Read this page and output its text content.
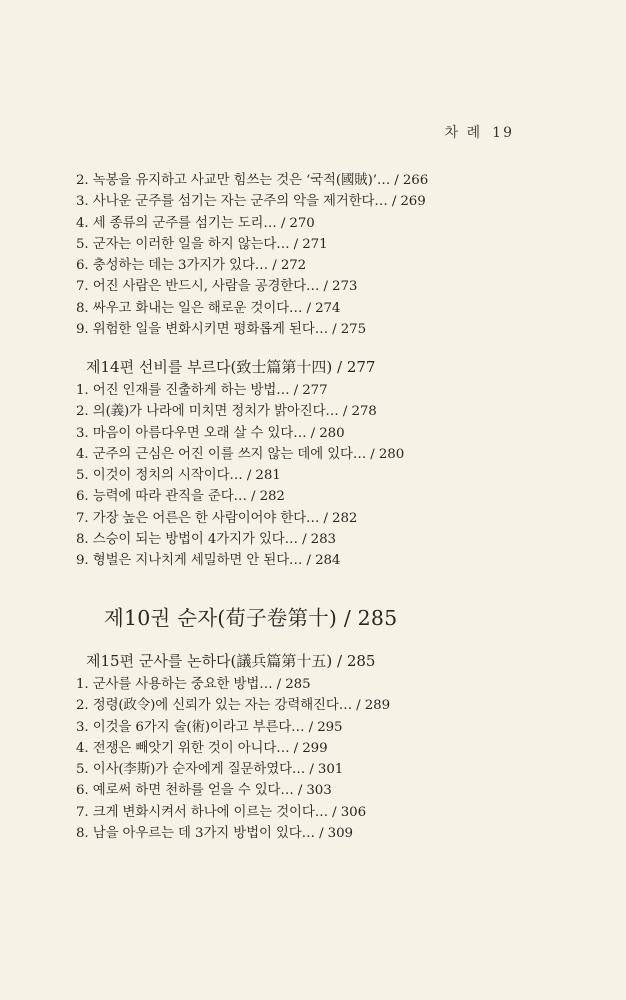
차 례 19
2. 녹봉을 유지하고 사교만 힘쓰는 것은 ‘국적(國賊)’… / 266
3. 사나운 군주를 섬기는 자는 군주의 악을 제거한다… / 269
4. 세 종류의 군주를 섬기는 도리… / 270
5. 군자는 이러한 일을 하지 않는다… / 271
6. 충성하는 데는 3가지가 있다… / 272
7. 어진 사람은 반드시, 사람을 공경한다… / 273
8. 싸우고 화내는 일은 해로운 것이다… / 274
9. 위험한 일을 변화시키면 평화롭게 된다… / 275
제14편 선비를 부르다(致士篇第十四) / 277
1. 어진 인재를 진출하게 하는 방법… / 277
2. 의(義)가 나라에 미치면 정치가 밝아진다… / 278
3. 마음이 아름다우면 오래 살 수 있다… / 280
4. 군주의 근심은 어진 이를 쓰지 않는 데에 있다… / 280
5. 이것이 정치의 시작이다… / 281
6. 능력에 따라 관직을 준다… / 282
7. 가장 높은 어른은 한 사람이어야 한다… / 282
8. 스승이 되는 방법이 4가지가 있다… / 283
9. 형벌은 지나치게 세밀하면 안 된다… / 284
제10권 순자(荀子卷第十) / 285
제15편 군사를 논하다(議兵篇第十五) / 285
1. 군사를 사용하는 중요한 방법… / 285
2. 정령(政令)에 신뢰가 있는 자는 강력해진다… / 289
3. 이것을 6가지 술(術)이라고 부른다… / 295
4. 전쟁은 빼앗기 위한 것이 아니다… / 299
5. 이사(李斯)가 순자에게 질문하였다… / 301
6. 예로써 하면 천하를 얻을 수 있다… / 303
7. 크게 변화시켜서 하나에 이르는 것이다… / 306
8. 남을 아우르는 데 3가지 방법이 있다… / 309
